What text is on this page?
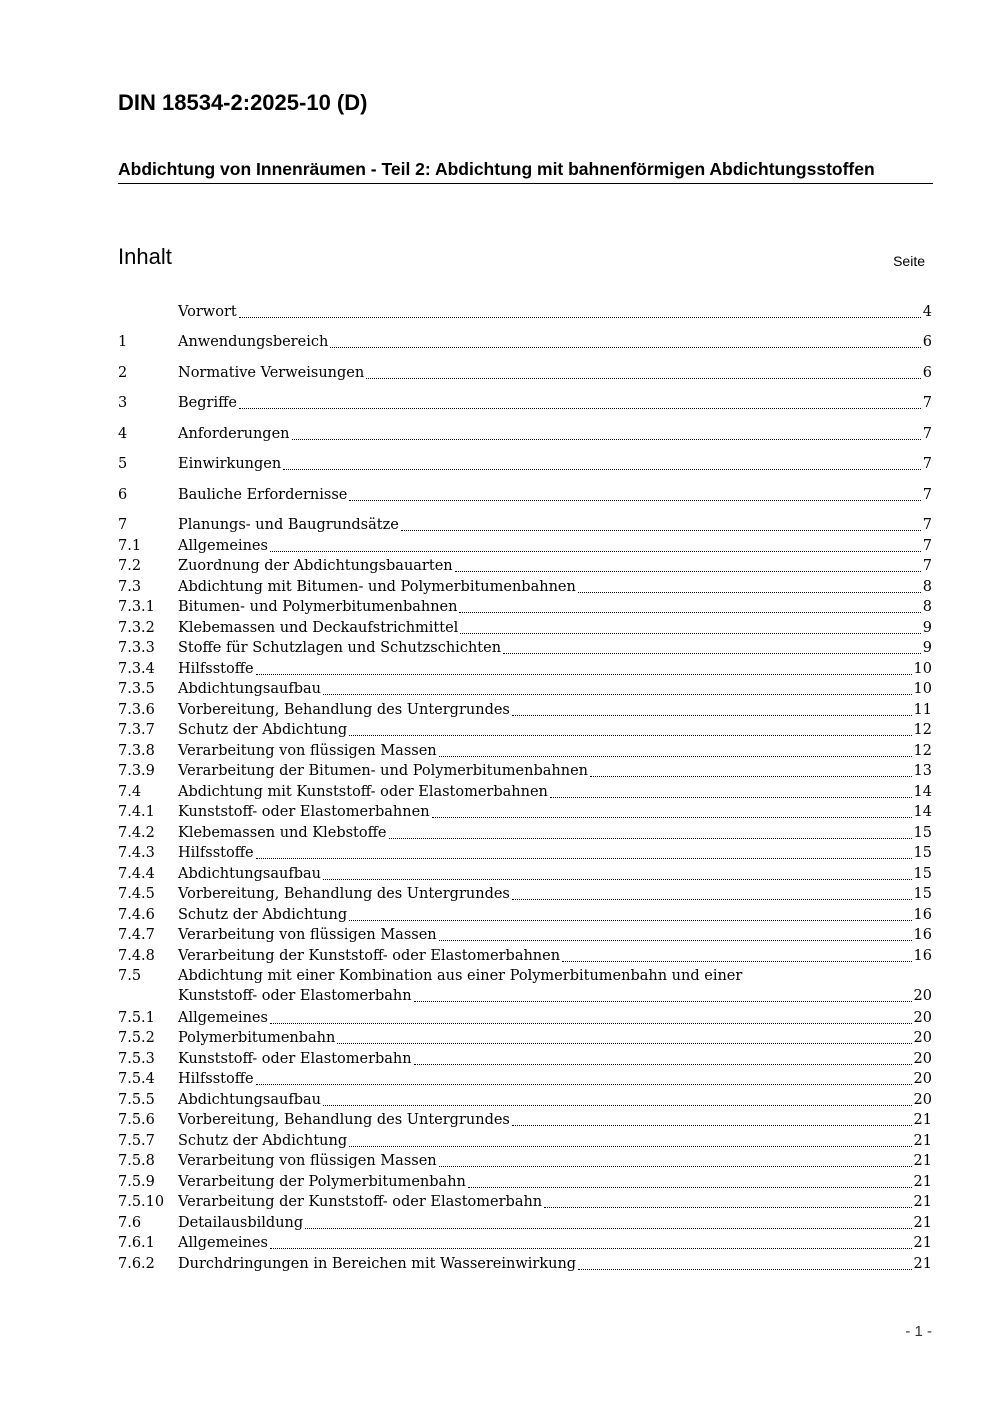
DIN 18534-2:2025-10 (D)
Abdichtung von Innenräumen - Teil 2: Abdichtung mit bahnenförmigen Abdichtungsstoffen
Inhalt	Seite
Vorwort	4
1	Anwendungsbereich	6
2	Normative Verweisungen	6
3	Begriffe	7
4	Anforderungen	7
5	Einwirkungen	7
6	Bauliche Erfordernisse	7
7	Planungs- und Baugrundsätze	7
7.1	Allgemeines	7
7.2	Zuordnung der Abdichtungsbauarten	7
7.3	Abdichtung mit Bitumen- und Polymerbitumenbahnen	8
7.3.1	Bitumen- und Polymerbitumenbahnen	8
7.3.2	Klebemassen und Deckaufstrichmittel	9
7.3.3	Stoffe für Schutzlagen und Schutzschichten	9
7.3.4	Hilfsstoffe	10
7.3.5	Abdichtungsaufbau	10
7.3.6	Vorbereitung, Behandlung des Untergrundes	11
7.3.7	Schutz der Abdichtung	12
7.3.8	Verarbeitung von flüssigen Massen	12
7.3.9	Verarbeitung der Bitumen- und Polymerbitumenbahnen	13
7.4	Abdichtung mit Kunststoff- oder Elastomerbahnen	14
7.4.1	Kunststoff- oder Elastomerbahnen	14
7.4.2	Klebemassen und Klebstoffe	15
7.4.3	Hilfsstoffe	15
7.4.4	Abdichtungsaufbau	15
7.4.5	Vorbereitung, Behandlung des Untergrundes	15
7.4.6	Schutz der Abdichtung	16
7.4.7	Verarbeitung von flüssigen Massen	16
7.4.8	Verarbeitung der Kunststoff- oder Elastomerbahnen	16
7.5	Abdichtung mit einer Kombination aus einer Polymerbitumenbahn und einer
Kunststoff- oder Elastomerbahn	20
7.5.1	Allgemeines	20
7.5.2	Polymerbitumenbahn	20
7.5.3	Kunststoff- oder Elastomerbahn	20
7.5.4	Hilfsstoffe	20
7.5.5	Abdichtungsaufbau	20
7.5.6	Vorbereitung, Behandlung des Untergrundes	21
7.5.7	Schutz der Abdichtung	21
7.5.8	Verarbeitung von flüssigen Massen	21
7.5.9	Verarbeitung der Polymerbitumenbahn	21
7.5.10 Verarbeitung der Kunststoff- oder Elastomerbahn	21
7.6	Detailausbildung	21
7.6.1	Allgemeines	21
7.6.2	Durchdringungen in Bereichen mit Wassereinwirkung	21
- 1 -
